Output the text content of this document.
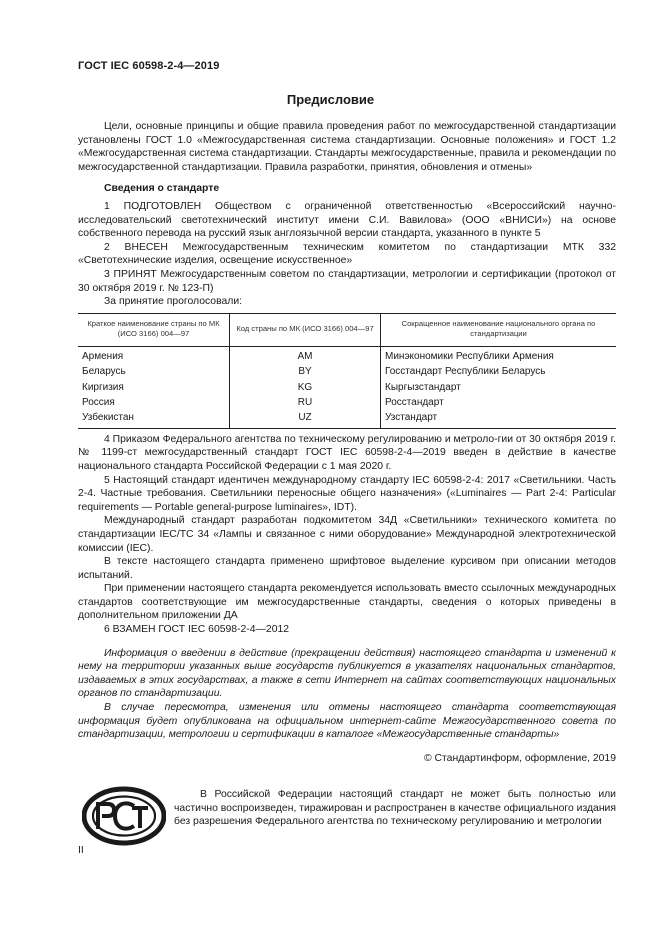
ГОСТ IEC 60598-2-4—2019
Предисловие

Цели, основные принципы и общие правила проведения работ по межгосударственной стандартизации установлены ГОСТ 1.0 «Межгосударственная система стандартизации. Основные положения» и ГОСТ 1.2 «Межгосударственная система стандартизации. Стандарты межгосударственные, правила и рекомендации по межгосударственной стандартизации. Правила разработки, принятия, обновления и отмены»

Сведения о стандарте

1 ПОДГОТОВЛЕН Обществом с ограниченной ответственностью «Всероссийский научно-исследовательский светотехнический институт имени С.И. Вавилова» (ООО «ВНИСИ») на основе собственного перевода на русский язык англоязычной версии стандарта, указанного в пункте 5

2 ВНЕСЕН Межгосударственным техническим комитетом по стандартизации МТК 332 «Светотехнические изделия, освещение искусственное»

3 ПРИНЯТ Межгосударственным советом по стандартизации, метрологии и сертификации (протокол от 30 октября 2019 г. № 123-П)

За принятие проголосовали:

Краткое наименование страны по МК (ИСО 3166) 004—97	Код страны по МК (ИСО 3166) 004—97	Сокращенное наименование национального органа по стандартизации
Армения	AM	Минэкономики Республики Армения
Беларусь	BY	Госстандарт Республики Беларусь
Киргизия	KG	Кыргызстандарт
Россия	RU	Росстандарт
Узбекистан	UZ	Узстандарт

4 Приказом Федерального агентства по техническому регулированию и метроло-гии от 30 октября 2019 г. № 1199-ст межгосударственный стандарт ГОСТ IEC 60598-2-4—2019 введен в действие в качестве национального стандарта Российской Федерации с 1 мая 2020 г.

5 Настоящий стандарт идентичен международному стандарту IEC 60598-2-4: 2017 «Светильники. Часть 2-4. Частные требования. Светильники переносные общего назначения» («Luminaires — Part 2-4: Particular requirements — Portable general-purpose luminaires», IDT).

Международный стандарт разработан подкомитетом 34Д «Светильники» технического комитета по стандартизации IEC/TC 34 «Лампы и связанное с ними оборудование» Международной электротехнической комиссии (IEC).

В тексте настоящего стандарта применено шрифтовое выделение курсивом при описании методов испытаний.

При применении настоящего стандарта рекомендуется использовать вместо ссылочных международных стандартов соответствующие им межгосударственные стандарты, сведения о которых приведены в дополнительном приложении ДА

6 ВЗАМЕН ГОСТ IEC 60598-2-4—2012

Информация о введении в действие (прекращении действия) настоящего стандарта и изменений к нему на территории указанных выше государств публикуется в указателях национальных стандартов, издаваемых в этих государствах, а также в сети Интернет на сайтах соответствующих национальных органов по стандартизации.

В случае пересмотра, изменения или отмены настоящего стандарта соответствующая информация будет опубликована на официальном интернет-сайте Межгосударственного совета по стандартизации, метрологии и сертификации в каталоге «Межгосударственные стандарты»

© Стандартинформ, оформление, 2019

В Российской Федерации настоящий стандарт не может быть полностью или частично воспроизведен, тиражирован и распространен в качестве официального издания без разрешения Федерального агентства по техническому регулированию и метрологии

II
